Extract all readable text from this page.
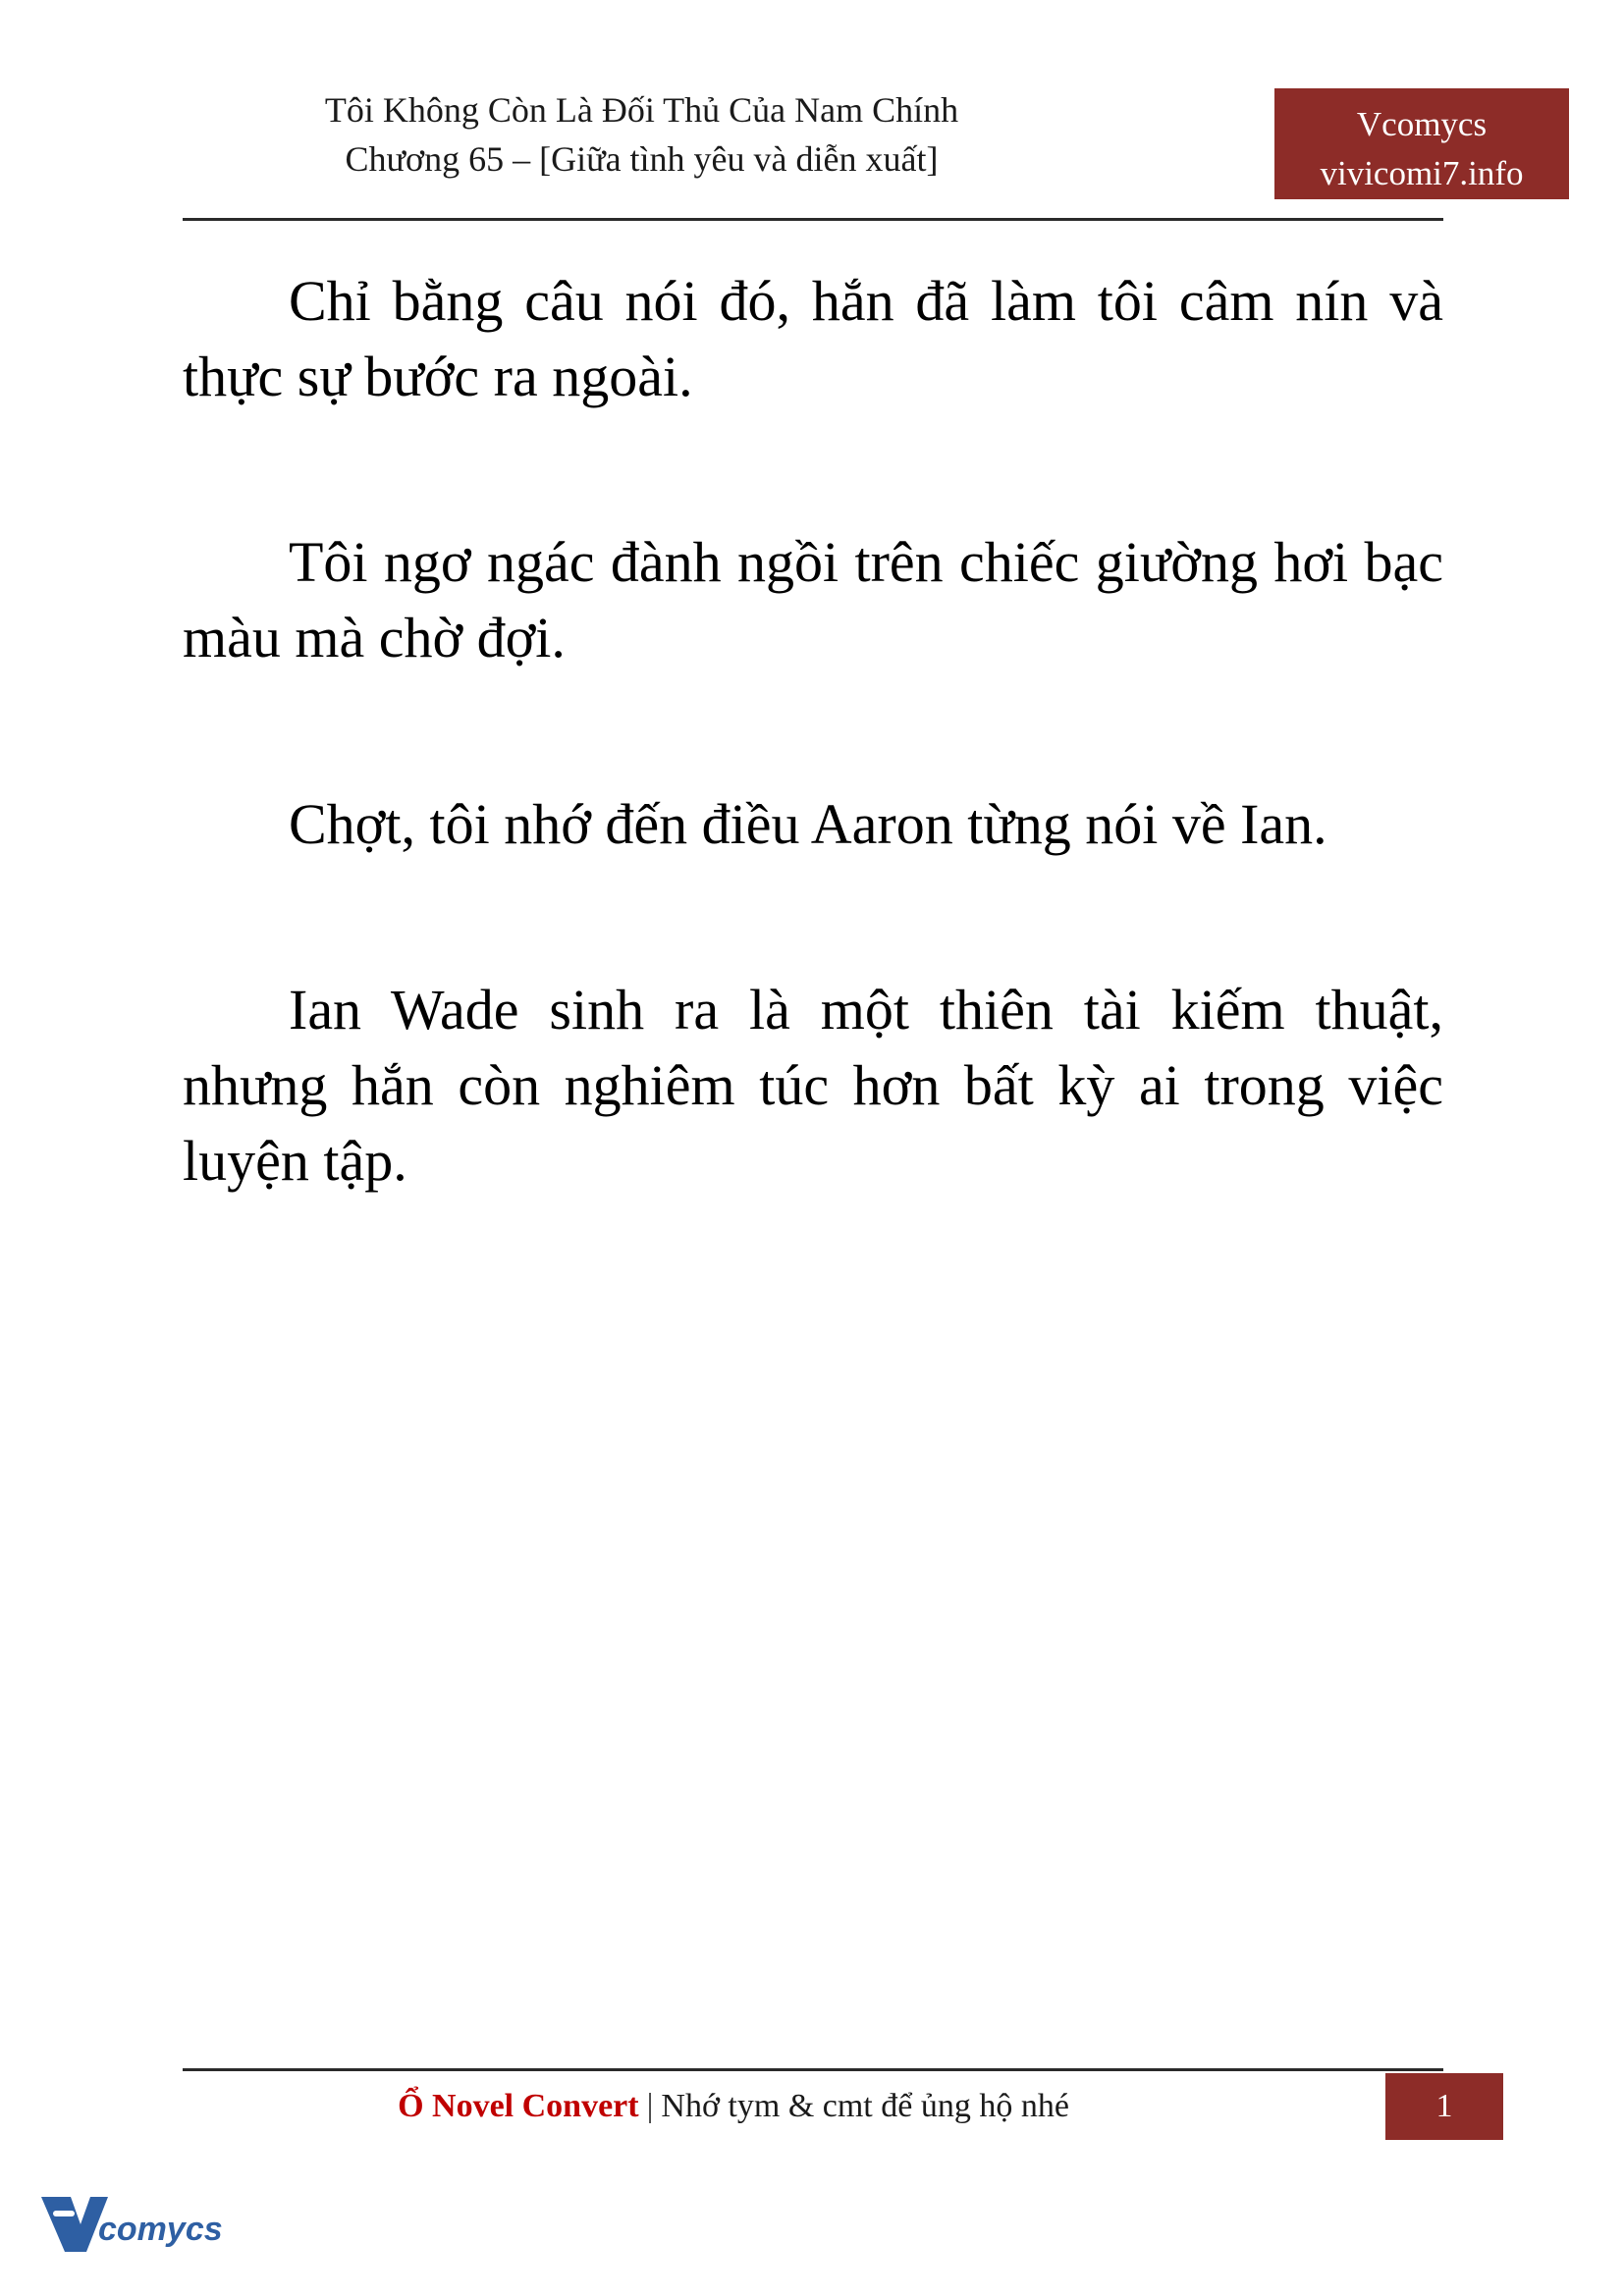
Tôi Không Còn Là Đối Thủ Của Nam Chính
Chương 65 – [Giữa tình yêu và diễn xuất]
Vcomycs
vivicomi7.info

Chỉ bằng câu nói đó, hắn đã làm tôi câm nín và thực sự bước ra ngoài.

Tôi ngơ ngác đành ngồi trên chiếc giường hơi bạc màu mà chờ đợi.

Chợt, tôi nhớ đến điều Aaron từng nói về Ian.

Ian Wade sinh ra là một thiên tài kiếm thuật, nhưng hắn còn nghiêm túc hơn bất kỳ ai trong việc luyện tập.

Ổ Novel Convert | Nhớ tym & cmt để ủng hộ nhé	1
comycs
